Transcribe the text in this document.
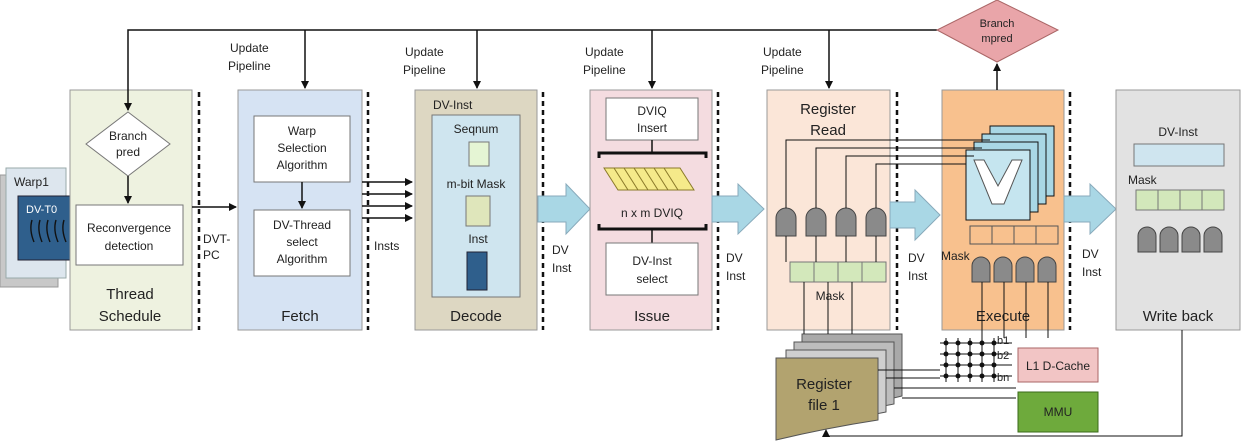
Warp1
DV-T0
Branch
pred
Reconvergence
detection
Thread
Schedule
DVT-
PC
Warp
Selection
Algorithm
DV-Thread
select
Algorithm
Fetch
Insts
DV-Inst
Seqnum
m-bit Mask
Inst
Decode
DV
Inst
DVIQ
Insert
n x m DVIQ
DV-Inst
select
Issue
DV
Inst
Register
Read
Mask
DV
Inst
Mask
Execute
DV
Inst
DV-Inst
Mask
Write back
Update
Pipeline
Update
Pipeline
Update
Pipeline
Update
Pipeline
Branch
mpred
Register
file 1
b1
b2
bn
L1 D-Cache
MMU
